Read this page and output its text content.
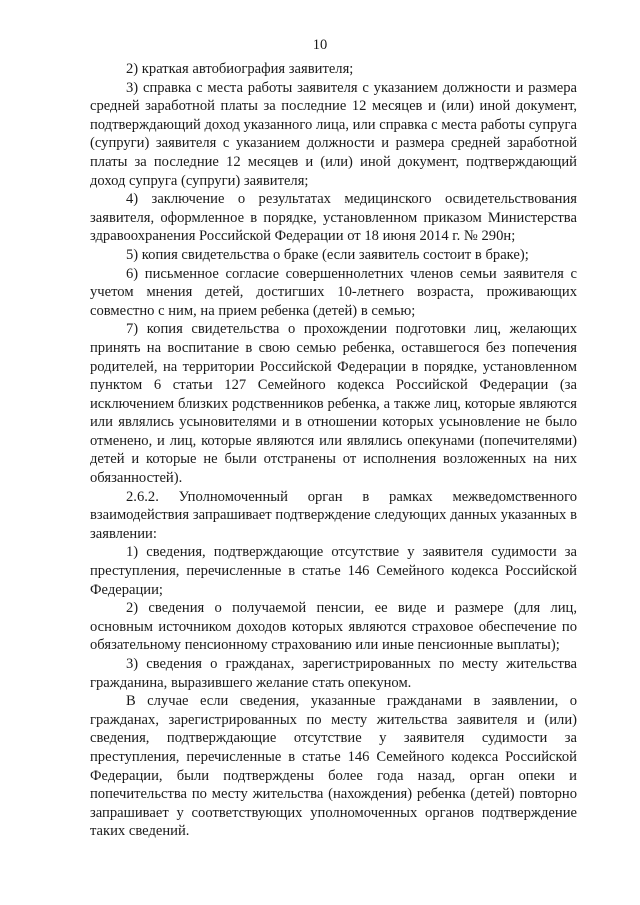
10

2) краткая автобиография заявителя;

3) справка с места работы заявителя с указанием должности и размера средней заработной платы за последние 12 месяцев и (или) иной документ, подтверждающий доход указанного лица, или справка с места работы супруга (супруги) заявителя с указанием должности и размера средней заработной платы за последние 12 месяцев и (или) иной документ, подтверждающий доход супруга (супруги) заявителя;

4) заключение о результатах медицинского освидетельствования заявителя, оформленное в порядке, установленном приказом Министерства здравоохранения Российской Федерации от 18 июня 2014 г. № 290н;

5) копия свидетельства о браке (если заявитель состоит в браке);

6) письменное согласие совершеннолетних членов семьи заявителя с учетом мнения детей, достигших 10-летнего возраста, проживающих совместно с ним, на прием ребенка (детей) в семью;

7) копия свидетельства о прохождении подготовки лиц, желающих принять на воспитание в свою семью ребенка, оставшегося без попечения родителей, на территории Российской Федерации в порядке, установленном пунктом 6 статьи 127 Семейного кодекса Российской Федерации (за исключением близких родственников ребенка, а также лиц, которые являются или являлись усыновителями и в отношении которых усыновление не было отменено, и лиц, которые являются или являлись опекунами (попечителями) детей и которые не были отстранены от исполнения возложенных на них обязанностей).

2.6.2. Уполномоченный орган в рамках межведомственного взаимодействия запрашивает подтверждение следующих данных указанных в заявлении:

1) сведения, подтверждающие отсутствие у заявителя судимости за преступления, перечисленные в статье 146 Семейного кодекса Российской Федерации;

2) сведения о получаемой пенсии, ее виде и размере (для лиц, основным источником доходов которых являются страховое обеспечение по обязательному пенсионному страхованию или иные пенсионные выплаты);

3) сведения о гражданах, зарегистрированных по месту жительства гражданина, выразившего желание стать опекуном.

В случае если сведения, указанные гражданами в заявлении, о гражданах, зарегистрированных по месту жительства заявителя и (или) сведения, подтверждающие отсутствие у заявителя судимости за преступления, перечисленные в статье 146 Семейного кодекса Российской Федерации, были подтверждены более года назад, орган опеки и попечительства по месту жительства (нахождения) ребенка (детей) повторно запрашивает у соответствующих уполномоченных органов подтверждение таких сведений.
